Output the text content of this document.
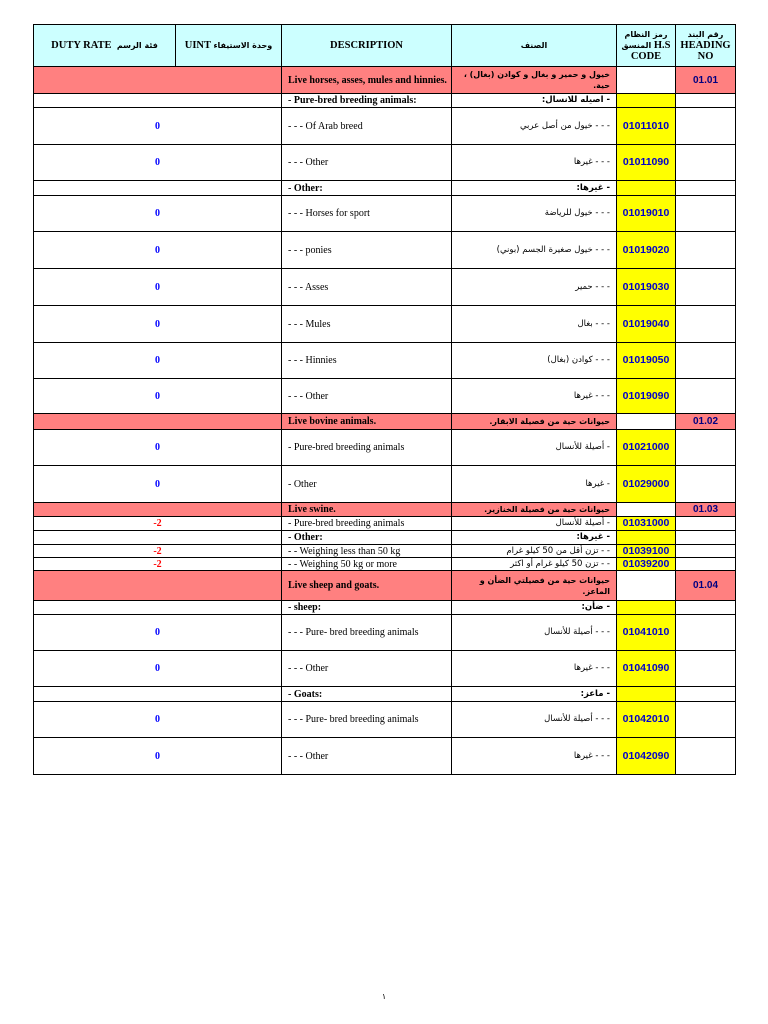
DUTY RATE فئة الرسم	UINT وحدة الاستيفاء	DESCRIPTION	الصنف	رمز النظام المنسق H.S CODE	رقم البند HEADING NO
		Live horses, asses, mules and hinnies.	خيول و حمير و بغال و كوادن (بغال) ، حية.		01.01
		- Pure-bred breeding animals:	- اصيله للانسال:		
0		- - - Of Arab breed	- - - خيول من أصل عربي	01011010	
0		- - - Other	- - - غيرها	01011090	
		- Other:	- غيرها:		
0		- - - Horses for sport	- - - خيول للرياضة	01019010	
0		- - - ponies	- - - خيول صغيرة الجسم (بوني)	01019020	
0		- - - Asses	- - - حمير	01019030	
0		- - - Mules	- - - بغال	01019040	
0		- - - Hinnies	- - - كوادن (بغال)	01019050	
0		- - - Other	- - - غيرها	01019090	
		Live bovine animals.	حيوانات حية من فصيلة الابقار.		01.02
0		- Pure-bred breeding animals	- أصيلة للأنسال	01021000	
0		- Other	- غيرها	01029000	
		Live swine.	حيوانات حية من فصيلة الخنازير.		01.03
-2		- Pure-bred breeding animals	- أصيلة للأنسال	01031000	
		- Other:	- غيرها:		
-2		- - Weighing less than 50 kg	- - تزن أقل من 50 كيلو غرام	01039100	
-2		- - Weighing 50 kg or more	- - تزن 50 كيلو غرام أو اكثر	01039200	
		Live sheep and goats.	حيوانات حية من فصيلتي الضأن و الماعز.		01.04
		- sheep:	- ضأن:		
0		- - - Pure- bred breeding animals	- - - أصيلة للأنسال	01041010	
0		- - - Other	- - - غيرها	01041090	
		- Goats:	- ماعز:		
0		- - - Pure- bred breeding animals	- - - أصيلة للأنسال	01042010	
0		- - - Other	- - - غيرها	01042090	
١
